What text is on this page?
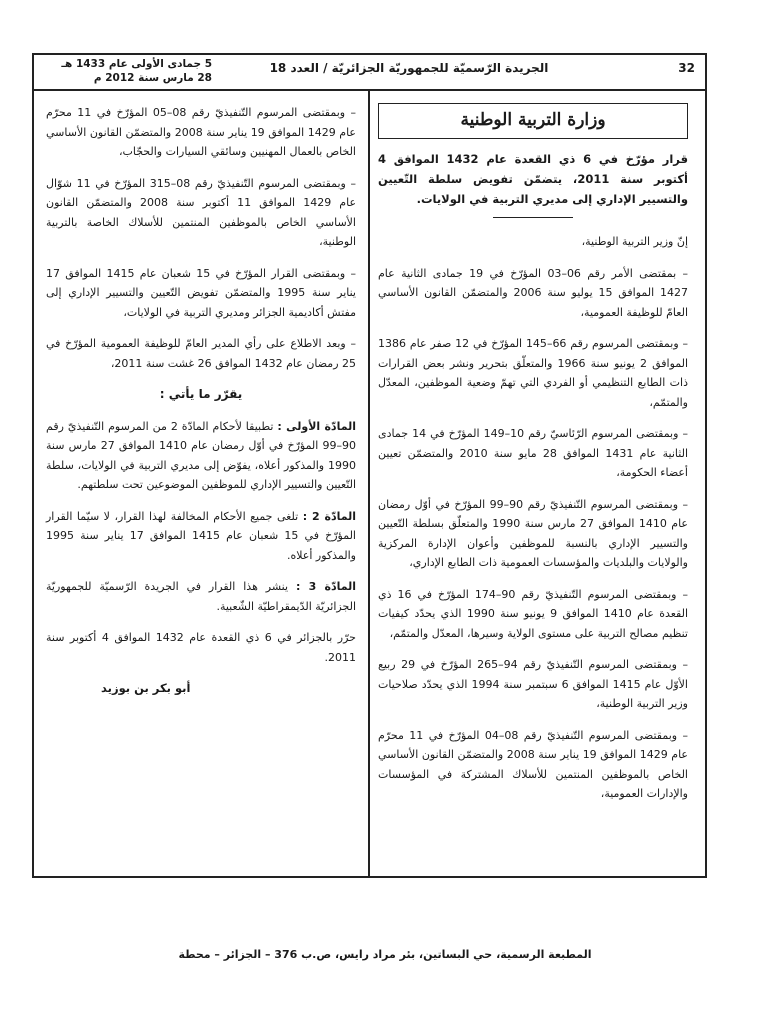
5 جمادى الأولى عام 1433 هـ
28 مارس سنة 2012 م
الجريدة الرّسميّة للجمهوريّة الجزائريّة / العدد 18	32
وزارة التربية الوطنية

قرار مؤرّخ في 6 ذي القعدة عام 1432 الموافق 4 أكتوبر سنة 2011، يتضمّن تفويض سلطة التّعيين والتسيير الإداري إلى مديري التربية في الولايات.

إنّ وزير التربية الوطنية،

– بمقتضى الأمر رقم 06–03 المؤرّخ في 19 جمادى الثانية عام 1427 الموافق 15 يوليو سنة 2006 والمتضمّن القانون الأساسي العامّ للوظيفة العمومية،

– وبمقتضى المرسوم رقم 66–145 المؤرّخ في 12 صفر عام 1386 الموافق 2 يونيو سنة 1966 والمتعلّق بتحرير ونشر بعض القرارات ذات الطابع التنظيمي أو الفردي التي تهمّ وضعية الموظفين، المعدّل والمتمّم،

– وبمقتضى المرسوم الرّئاسيّ رقم 10–149 المؤرّخ في 14 جمادى الثانية عام 1431 الموافق 28 مايو سنة 2010 والمتضمّن تعيين أعضاء الحكومة،

– وبمقتضى المرسوم التّنفيذيّ رقم 90–99 المؤرّخ في أوّل رمضان عام 1410 الموافق 27 مارس سنة 1990 والمتعلّق بسلطة التّعيين والتسيير الإداري بالنسبة للموظفين وأعوان الإدارة المركزية والولايات والبلديات والمؤسسات العمومية ذات الطابع الإداري،

– وبمقتضى المرسوم التّنفيذيّ رقم 90–174 المؤرّخ في 16 ذي القعدة عام 1410 الموافق 9 يونيو سنة 1990 الذي يحدّد كيفيات تنظيم مصالح التربية على مستوى الولاية وسيرها، المعدّل والمتمّم،

– وبمقتضى المرسوم التّنفيذيّ رقم 94–265 المؤرّخ في 29 ربيع الأوّل عام 1415 الموافق 6 سبتمبر سنة 1994 الذي يحدّد صلاحيات وزير التربية الوطنية،

– وبمقتضى المرسوم التّنفيذيّ رقم 08–04 المؤرّخ في 11 محرّم عام 1429 الموافق 19 يناير سنة 2008 والمتضمّن القانون الأساسي الخاص بالموظفين المنتمين للأسلاك المشتركة في المؤسسات والإدارات العمومية،

– وبمقتضى المرسوم التّنفيذيّ رقم 08–05 المؤرّخ في 11 محرّم عام 1429 الموافق 19 يناير سنة 2008 والمتضمّن القانون الأساسي الخاص بالعمال المهنيين وسائقي السيارات والحجّاب،

– وبمقتضى المرسوم التّنفيذيّ رقم 08–315 المؤرّخ في 11 شوّال عام 1429 الموافق 11 أكتوبر سنة 2008 والمتضمّن القانون الأساسي الخاص بالموظفين المنتمين للأسلاك الخاصة بالتربية الوطنية،

– وبمقتضى القرار المؤرّخ في 15 شعبان عام 1415 الموافق 17 يناير سنة 1995 والمتضمّن تفويض التّعيين والتسيير الإداري إلى مفتش أكاديمية الجزائر ومديري التربية في الولايات،

– وبعد الاطلاع على رأي المدير العامّ للوظيفة العمومية المؤرّخ في 25 رمضان عام 1432 الموافق 26 غشت سنة 2011،

يقرّر ما يأتي :

المادّة الأولى : تطبيقا لأحكام المادّة 2 من المرسوم التّنفيذيّ رقم 90–99 المؤرّخ في أوّل رمضان عام 1410 الموافق 27 مارس سنة 1990 والمذكور أعلاه، يفوّض إلى مديري التربية في الولايات، سلطة التّعيين والتسيير الإداري للموظفين الموضوعين تحت سلطتهم.

المادّة 2 : تلغى جميع الأحكام المخالفة لهذا القرار، لا سيّما القرار المؤرّخ في 15 شعبان عام 1415 الموافق 17 يناير سنة 1995 والمذكور أعلاه.

المادّة 3 : ينشر هذا القرار في الجريدة الرّسميّة للجمهوريّة الجزائريّة الدّيمقراطيّة الشّعبية.

حرّر بالجزائر في 6 ذي القعدة عام 1432 الموافق 4 أكتوبر سنة 2011.

أبو بكر بن بوزيد

المطبعة الرسمية، حي البساتين، بئر مراد رايس، ص.ب 376 – الجزائر – محطة
